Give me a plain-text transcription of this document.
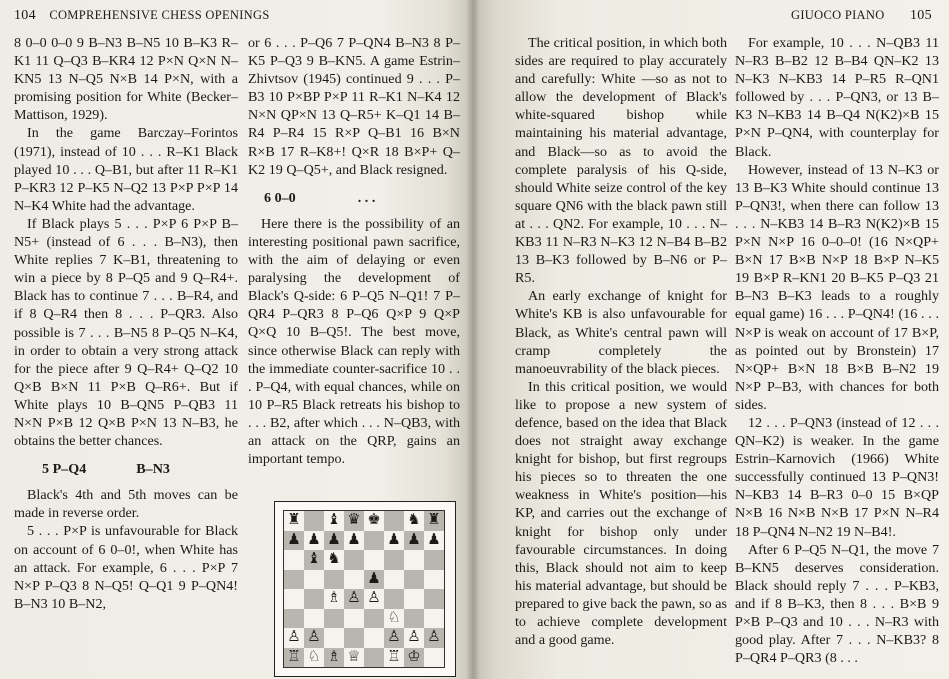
104 COMPREHENSIVE CHESS OPENINGS

8 0–0 0–0 9 B–N3 B–N5 10 B–K3 R–K1 11 Q–Q3 B–KR4 12 P×N Q×N N–KN5 13 N–Q5 N×B 14 P×N, with a promising position for White (Becker–Mattison, 1929).

In the game Barczay–Forintos (1971), instead of 10 . . . R–K1 Black played 10 . . . Q–B1, but after 11 R–K1 P–KR3 12 P–K5 N–Q2 13 P×P P×P 14 N–K4 White had the advantage.

If Black plays 5 . . . P×P 6 P×P B–N5+ (instead of 6 . . . B–N3), then White replies 7 K–B1, threatening to win a piece by 8 P–Q5 and 9 Q–R4+. Black has to continue 7 . . . B–R4, and if 8 Q–R4 then 8 . . . P–QR3. Also possible is 7 . . . B–N5 8 P–Q5 N–K4, in order to obtain a very strong attack for the piece after 9 Q–R4+ Q–Q2 10 Q×B B×N 11 P×B Q–R6+. But if White plays 10 B–QN5 P–QB3 11 N×N P×B 12 Q×B P×N 13 N–B3, he obtains the better chances.

5 P–Q4	B–N3

Black's 4th and 5th moves can be made in reverse order.

5 . . . P×P is unfavourable for Black on account of 6 0–0!, when White has an attack. For example, 6 . . . P×P 7 N×P P–Q3 8 N–Q5! Q–Q1 9 P–QN4! B–N3 10 B–N2,

or 6 . . . P–Q6 7 P–QN4 B–N3 8 P–K5 P–Q3 9 B–KN5. A game Estrin–Zhivtsov (1945) continued 9 . . . P–B3 10 P×BP P×P 11 R–K1 N–K4 12 N×N QP×N 13 Q–R5+ K–Q1 14 B–R4 P–R4 15 R×P Q–B1 16 B×N R×B 17 R–K8+! Q×R 18 B×P+ Q–K2 19 Q–Q5+, and Black resigned.

6 0–0	. . .

Here there is the possibility of an interesting positional pawn sacrifice, with the aim of delaying or even paralysing the development of Black's Q-side: 6 P–Q5 N–Q1! 7 P–QR4 P–QR3 8 P–Q6 Q×P 9 Q×P Q×Q 10 B–Q5!. The best move, since otherwise Black can reply with the immediate counter-sacrifice 10 . . . P–Q4, with equal chances, while on 10 P–R5 Black retreats his bishop to . . . B2, after which . . . N–QB3, with an attack on the QRP, gains an important tempo.

♜ ♝ ♛ ♚ ♞ ♜
♟ ♟ ♟ ♟ ♟ ♟ ♟
♝ ♞
♟
♗ ♙ ♙
♘
♙ ♙	♙ ♙ ♙
♖ ♘ ♗ ♕ ♖ ♔
GIUOCO PIANO 105

The critical position, in which both sides are required to play accurately and carefully: White —so as not to allow the development of Black's white-squared bishop while maintaining his material advantage, and Black—so as to avoid the complete paralysis of his Q-side, should White seize control of the key square QN6 with the black pawn still at . . . QN2. For example, 10 . . . N–KB3 11 N–R3 N–K3 12 N–B4 B–B2 13 B–K3 followed by B–N6 or P–R5.

An early exchange of knight for White's KB is also unfavourable for Black, as White's central pawn will cramp completely the manoeuvrability of the black pieces.

In this critical position, we would like to propose a new system of defence, based on the idea that Black does not straight away exchange knight for bishop, but first regroups his pieces so to threaten the one weakness in White's position—his KP, and carries out the exchange of knight for bishop only under favourable circumstances. In doing this, Black should not aim to keep his material advantage, but should be prepared to give back the pawn, so as to achieve complete development and a good game.

For example, 10 . . . N–QB3 11 N–R3 B–B2 12 B–B4 QN–K2 13 N–K3 N–KB3 14 P–R5 R–QN1 followed by . . . P–QN3, or 13 B–K3 N–KB3 14 B–Q4 N(K2)×B 15 P×N P–QN4, with counterplay for Black.

However, instead of 13 N–K3 or 13 B–K3 White should continue 13 P–QN3!, when there can follow 13 . . . N–KB3 14 B–R3 N(K2)×B 15 P×N N×P 16 0–0–0! (16 N×QP+ B×N 17 B×B N×P 18 B×P N–K5 19 B×P R–KN1 20 B–K5 P–Q3 21 B–N3 B–K3 leads to a roughly equal game) 16 . . . P–QN4! (16 . . . N×P is weak on account of 17 B×P, as pointed out by Bronstein) 17 N×QP+ B×N 18 B×B B–N2 19 N×P P–B3, with chances for both sides.

12 . . . P–QN3 (instead of 12 . . . QN–K2) is weaker. In the game Estrin–Karnovich (1966) White successfully continued 13 P–QN3! N–KB3 14 B–R3 0–0 15 B×QP N×B 16 N×B N×B 17 P×N N–R4 18 P–QN4 N–N2 19 N–B4!.

After 6 P–Q5 N–Q1, the move 7 B–KN5 deserves consideration. Black should reply 7 . . . P–KB3, and if 8 B–K3, then 8 . . . B×B 9 P×B P–Q3 and 10 . . . N–R3 with good play. After 7 . . . N–KB3? 8 P–QR4 P–QR3 (8 . . .
